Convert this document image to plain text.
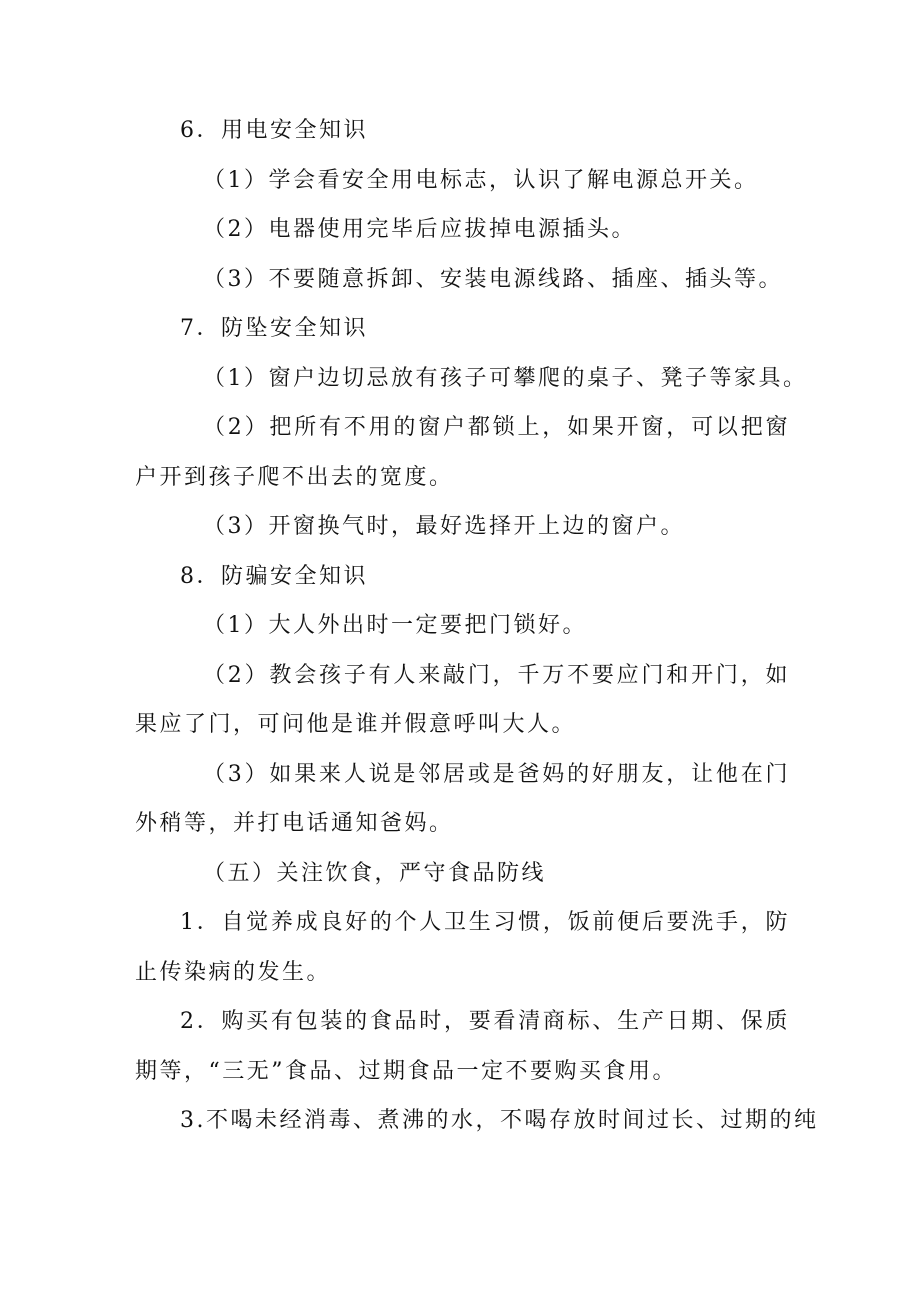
6．用电安全知识
（1）学会看安全用电标志，认识了解电源总开关。
（2）电器使用完毕后应拔掉电源插头。
（3）不要随意拆卸、安装电源线路、插座、插头等。
7．防坠安全知识
（1）窗户边切忌放有孩子可攀爬的桌子、凳子等家具。
（2）把所有不用的窗户都锁上，如果开窗，可以把窗户开到孩子爬不出去的宽度。
（3）开窗换气时，最好选择开上边的窗户。
8．防骗安全知识
（1）大人外出时一定要把门锁好。
（2）教会孩子有人来敲门，千万不要应门和开门，如果应了门，可问他是谁并假意呼叫大人。
（3）如果来人说是邻居或是爸妈的好朋友，让他在门外稍等，并打电话通知爸妈。
（五）关注饮食，严守食品防线
1．自觉养成良好的个人卫生习惯，饭前便后要洗手，防止传染病的发生。
2．购买有包装的食品时，要看清商标、生产日期、保质期等，“三无”食品、过期食品一定不要购买食用。
3.不喝未经消毒、煮沸的水，不喝存放时间过长、过期的纯
